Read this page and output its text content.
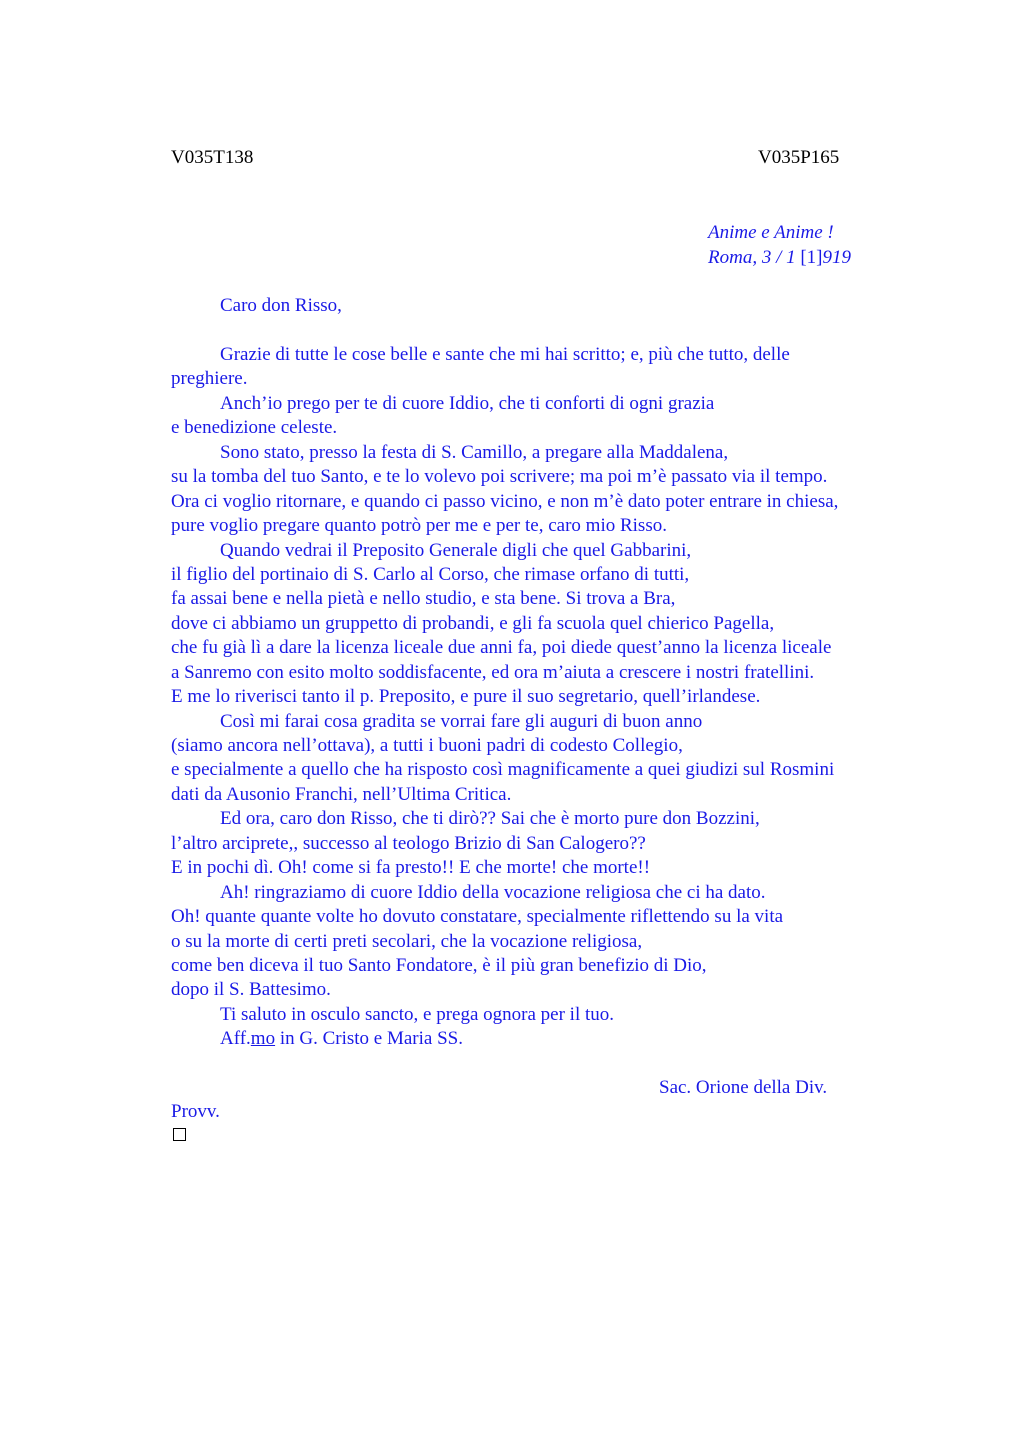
V035T138	V035P165
Anime e Anime !
Roma, 3 / 1 [1]919
Caro don Risso,
Grazie di tutte le cose belle e sante che mi hai scritto; e, più che tutto, delle
preghiere.
Anch’io prego per te di cuore Iddio, che ti conforti di ogni grazia
e benedizione celeste.
Sono stato, presso la festa di S. Camillo, a pregare alla Maddalena,
su la tomba del tuo Santo, e te lo volevo poi scrivere; ma poi m’è passato via il tempo.
Ora ci voglio ritornare, e quando ci passo vicino, e non m’è dato poter entrare in chiesa,
pure voglio pregare quanto potrò per me e per te, caro mio Risso.
Quando vedrai il Preposito Generale digli che quel Gabbarini,
il figlio del portinaio di S. Carlo al Corso, che rimase orfano di tutti,
fa assai bene e nella pietà e nello studio, e sta bene. Si trova a Bra,
dove ci abbiamo un gruppetto di probandi, e gli fa scuola quel chierico Pagella,
che fu già lì a dare la licenza liceale due anni fa, poi diede quest’anno la licenza liceale
a Sanremo con esito molto soddisfacente, ed ora m’aiuta a crescere i nostri fratellini.
E me lo riverisci tanto il p. Preposito, e pure il suo segretario, quell’irlandese.
Così mi farai cosa gradita se vorrai fare gli auguri di buon anno
(siamo ancora nell’ottava), a tutti i buoni padri di codesto Collegio,
e specialmente a quello che ha risposto così magnificamente a quei giudizi sul Rosmini
dati da Ausonio Franchi, nell’Ultima Critica.
Ed ora, caro don Risso, che ti dirò?? Sai che è morto pure don Bozzini,
l’altro arciprete,, successo al teologo Brizio di San Calogero??
E in pochi dì. Oh! come si fa presto!! E che morte! che morte!!
Ah! ringraziamo di cuore Iddio della vocazione religiosa che ci ha dato.
Oh! quante quante volte ho dovuto constatare, specialmente riflettendo su la vita
o su la morte di certi preti secolari, che la vocazione religiosa,
come ben diceva il tuo Santo Fondatore, è il più gran benefizio di Dio,
dopo il S. Battesimo.
Ti saluto in osculo sancto, e prega ognora per il tuo.
Aff.mo in G. Cristo e Maria SS.
Sac. Orione della Div.
Provv.
